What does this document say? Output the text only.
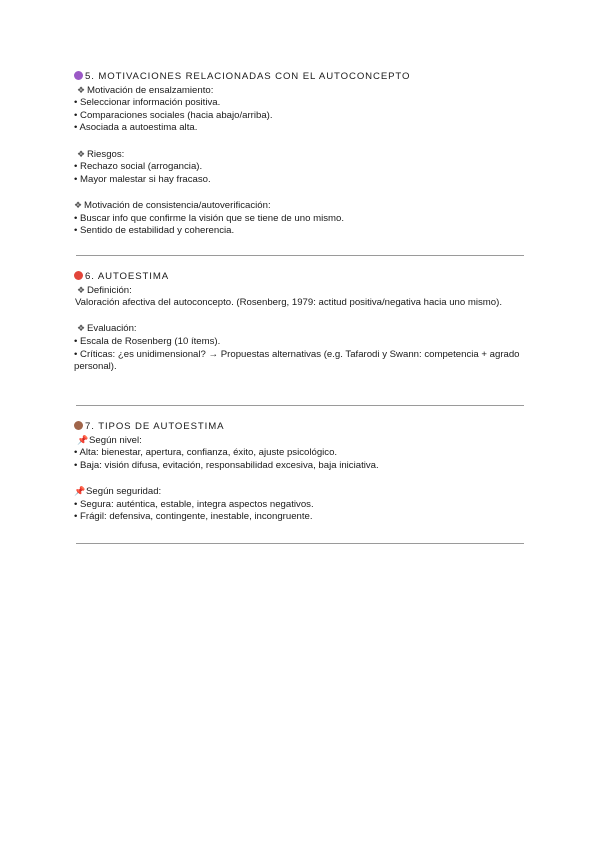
5. MOTIVACIONES RELACIONADAS CON EL AUTOCONCEPTO
❖ Motivación de ensalzamiento:
• Seleccionar información positiva.
• Comparaciones sociales (hacia abajo/arriba).
• Asociada a autoestima alta.
❖ Riesgos:
• Rechazo social (arrogancia).
• Mayor malestar si hay fracaso.
❖ Motivación de consistencia/autoverificación:
• Buscar info que confirme la visión que se tiene de uno mismo.
• Sentido de estabilidad y coherencia.
6. AUTOESTIMA
❖ Definición:
Valoración afectiva del autoconcepto. (Rosenberg, 1979: actitud positiva/negativa hacia uno mismo).
❖ Evaluación:
• Escala de Rosenberg (10 ítems).
• Críticas: ¿es unidimensional? → Propuestas alternativas (e.g. Tafarodi y Swann: competencia + agrado personal).
7. TIPOS DE AUTOESTIMA
📌Según nivel:
• Alta: bienestar, apertura, confianza, éxito, ajuste psicológico.
• Baja: visión difusa, evitación, responsabilidad excesiva, baja iniciativa.
📌Según seguridad:
• Segura: auténtica, estable, integra aspectos negativos.
• Frágil: defensiva, contingente, inestable, incongruente.
